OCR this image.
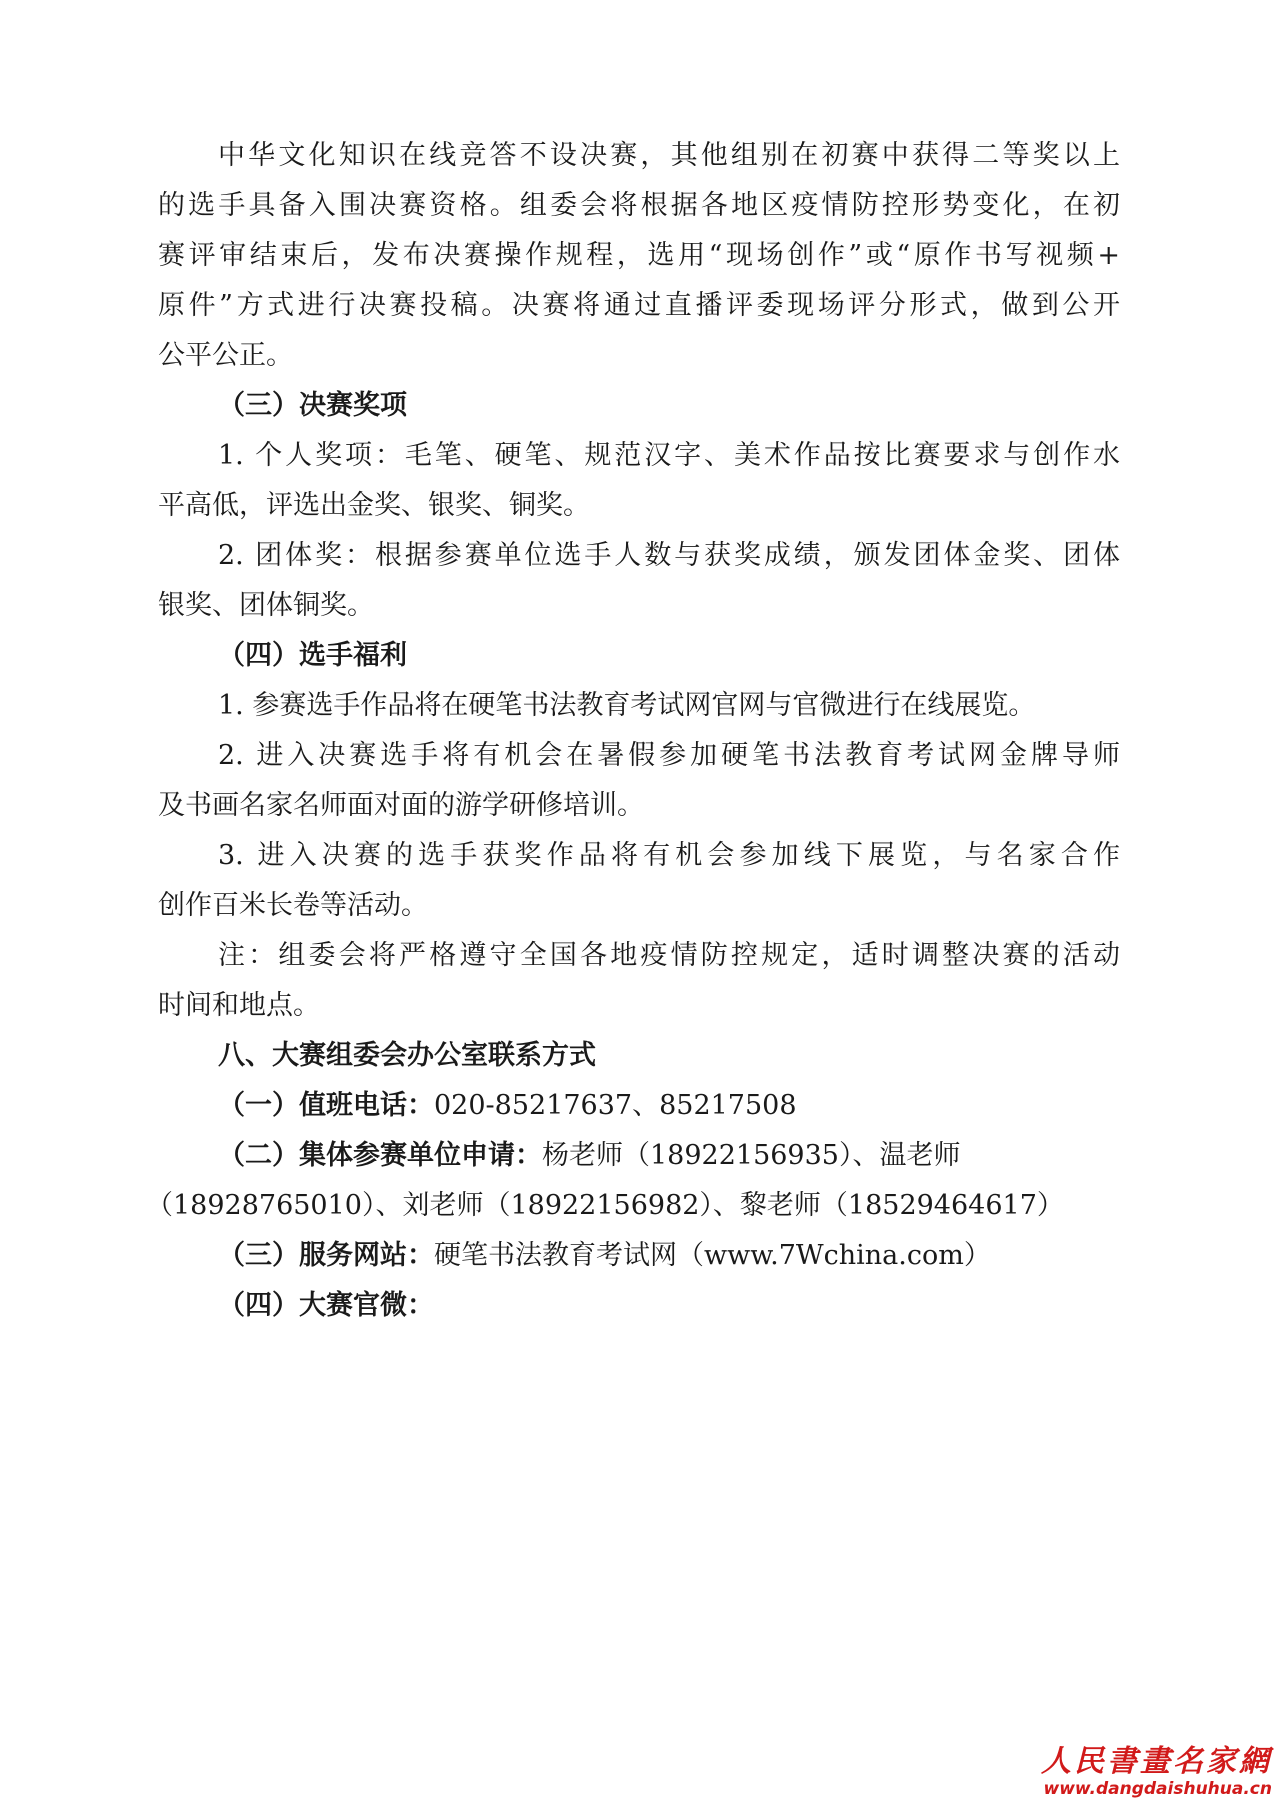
中华文化知识在线竞答不设决赛，其他组别在初赛中获得二等奖以上
的选手具备入围决赛资格。组委会将根据各地区疫情防控形势变化，在初
赛评审结束后，发布决赛操作规程，选用“现场创作”或“原作书写视频+
原件”方式进行决赛投稿。决赛将通过直播评委现场评分形式，做到公开
公平公正。
（三）决赛奖项
1. 个人奖项：毛笔、硬笔、规范汉字、美术作品按比赛要求与创作水
平高低，评选出金奖、银奖、铜奖。
2. 团体奖：根据参赛单位选手人数与获奖成绩，颁发团体金奖、团体
银奖、团体铜奖。
（四）选手福利
1. 参赛选手作品将在硬笔书法教育考试网官网与官微进行在线展览。
2. 进入决赛选手将有机会在暑假参加硬笔书法教育考试网金牌导师
及书画名家名师面对面的游学研修培训。
3. 进入决赛的选手获奖作品将有机会参加线下展览，与名家合作
创作百米长卷等活动。
注：组委会将严格遵守全国各地疫情防控规定，适时调整决赛的活动
时间和地点。
八、大赛组委会办公室联系方式
（一）值班电话：020-85217637、85217508
（二）集体参赛单位申请：杨老师（18922156935）、温老师
（18928765010）、刘老师（18922156982）、黎老师（18529464617）
（三）服务网站：硬笔书法教育考试网（www.7Wchina.com）
（四）大赛官微：
人民書畫名家網
www.dangdaishuhua.cn
